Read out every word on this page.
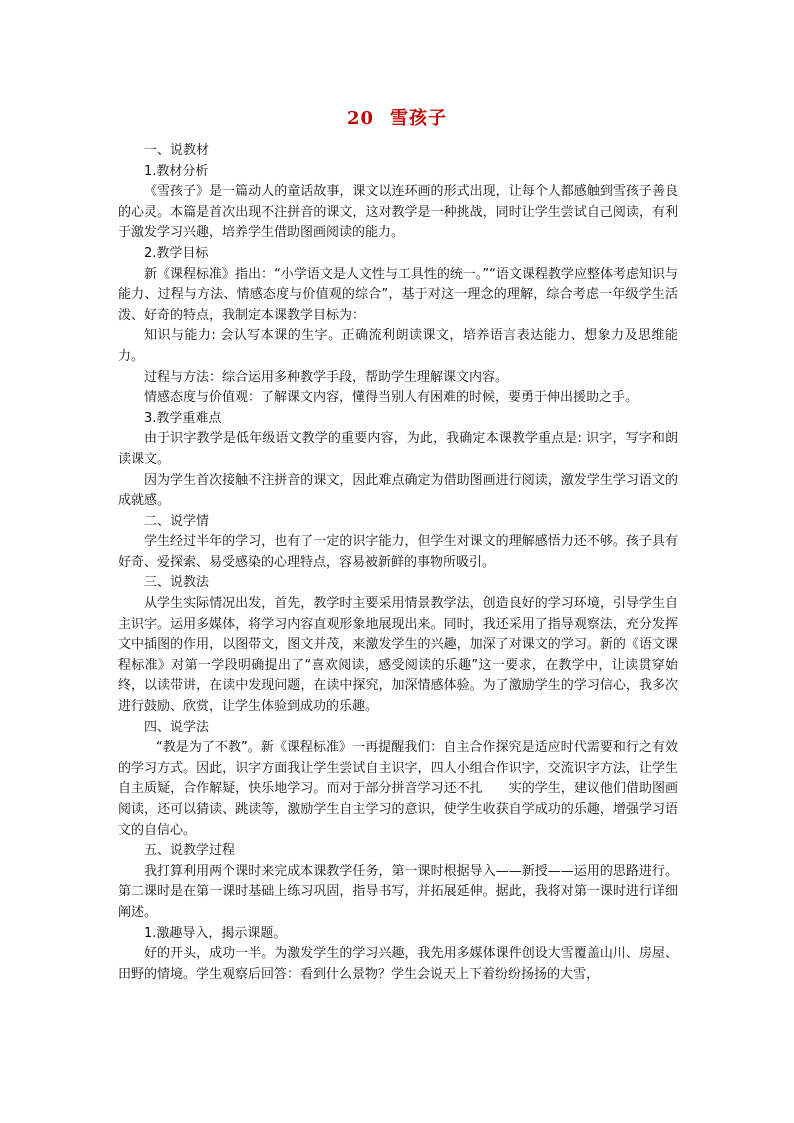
20 雪孩子

一、说教材

1.教材分析

《雪孩子》是一篇动人的童话故事，课文以连环画的形式出现，让每个人都感触到雪孩子善良的心灵。本篇是首次出现不注拼音的课文，这对教学是一种挑战，同时让学生尝试自己阅读，有利于激发学习兴趣，培养学生借助图画阅读的能力。

2.教学目标

新《课程标准》指出：“小学语文是人文性与工具性的统一。”“语文课程教学应整体考虑知识与能力、过程与方法、情感态度与价值观的综合”，基于对这一理念的理解，综合考虑一年级学生活泼、好奇的特点，我制定本课教学目标为：

知识与能力: 会认写本课的生字。正确流利朗读课文，培养语言表达能力、想象力及思维能力。

过程与方法：综合运用多种教学手段，帮助学生理解课文内容。

情感态度与价值观：了解课文内容，懂得当别人有困难的时候，要勇于伸出援助之手。

3.教学重难点

由于识字教学是低年级语文教学的重要内容，为此，我确定本课教学重点是: 识字，写字和朗读课文。

因为学生首次接触不注拼音的课文，因此难点确定为借助图画进行阅读，激发学生学习语文的成就感。

二、说学情

学生经过半年的学习，也有了一定的识字能力，但学生对课文的理解感悟力还不够。孩子具有好奇、爱探索、易受感染的心理特点，容易被新鲜的事物所吸引。

三、说教法

从学生实际情况出发，首先，教学时主要采用情景教学法，创造良好的学习环境，引导学生自主识字。运用多媒体，将学习内容直观形象地展现出来。同时，我还采用了指导观察法，充分发挥文中插图的作用，以图带文，图文并茂，来激发学生的兴趣，加深了对课文的学习。新的《语文课程标准》对第一学段明确提出了“喜欢阅读，感受阅读的乐趣”这一要求，在教学中，让读贯穿始终，以读带讲，在读中发现问题，在读中探究，加深情感体验。为了激励学生的学习信心，我多次进行鼓励、欣赏，让学生体验到成功的乐趣。

四、说学法

“教是为了不教”。新《课程标准》一再提醒我们：自主合作探究是适应时代需要和行之有效的学习方式。因此，识字方面我让学生尝试自主识字，四人小组合作识字，交流识字方法，让学生自主质疑，合作解疑，快乐地学习。而对于部分拼音学习还不扎　　实的学生，建议他们借助图画阅读，还可以猜读、跳读等，激励学生自主学习的意识，使学生收获自学成功的乐趣，增强学习语文的自信心。

五、说教学过程

我打算利用两个课时来完成本课教学任务，第一课时根据导入——新授——运用的思路进行。第二课时是在第一课时基础上练习巩固，指导书写，并拓展延伸。据此，我将对第一课时进行详细阐述。

1.激趣导入，揭示课题。

好的开头，成功一半。为激发学生的学习兴趣，我先用多媒体课件创设大雪覆盖山川、房屋、田野的情境。学生观察后回答：看到什么景物？学生会说天上下着纷纷扬扬的大雪，
